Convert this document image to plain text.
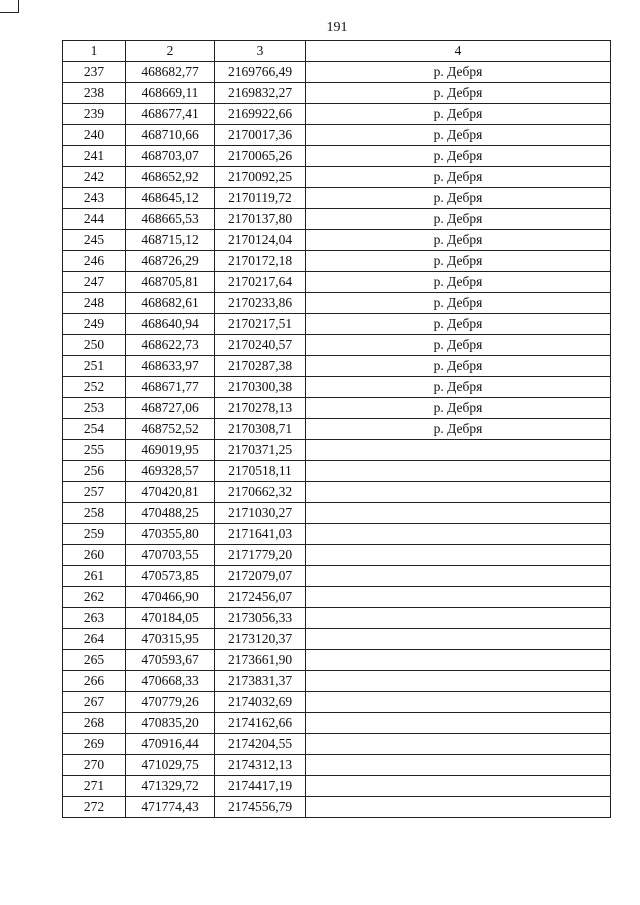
191
1	2	3	4
237	468682,77	2169766,49	р. Дебря
238	468669,11	2169832,27	р. Дебря
239	468677,41	2169922,66	р. Дебря
240	468710,66	2170017,36	р. Дебря
241	468703,07	2170065,26	р. Дебря
242	468652,92	2170092,25	р. Дебря
243	468645,12	2170119,72	р. Дебря
244	468665,53	2170137,80	р. Дебря
245	468715,12	2170124,04	р. Дебря
246	468726,29	2170172,18	р. Дебря
247	468705,81	2170217,64	р. Дебря
248	468682,61	2170233,86	р. Дебря
249	468640,94	2170217,51	р. Дебря
250	468622,73	2170240,57	р. Дебря
251	468633,97	2170287,38	р. Дебря
252	468671,77	2170300,38	р. Дебря
253	468727,06	2170278,13	р. Дебря
254	468752,52	2170308,71	р. Дебря
255	469019,95	2170371,25	
256	469328,57	2170518,11	
257	470420,81	2170662,32	
258	470488,25	2171030,27	
259	470355,80	2171641,03	
260	470703,55	2171779,20	
261	470573,85	2172079,07	
262	470466,90	2172456,07	
263	470184,05	2173056,33	
264	470315,95	2173120,37	
265	470593,67	2173661,90	
266	470668,33	2173831,37	
267	470779,26	2174032,69	
268	470835,20	2174162,66	
269	470916,44	2174204,55	
270	471029,75	2174312,13	
271	471329,72	2174417,19	
272	471774,43	2174556,79	
